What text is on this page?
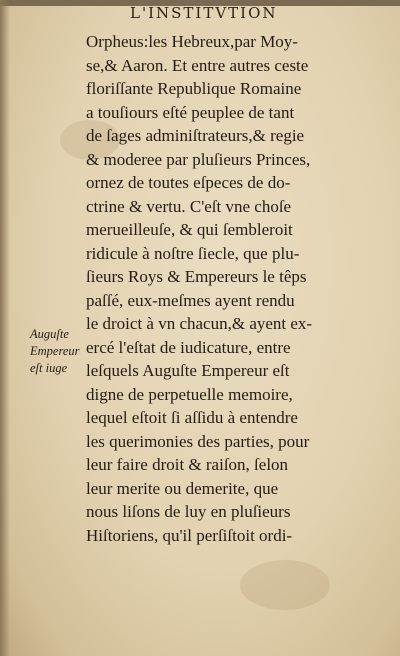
L'INSTITVTION
Orpheus:les Hebreux,par Moy-
se,& Aaron. Et entre autres ceste
floriſſante Republique Romaine
a touſiours eſté peuplee de tant
de ſages adminiſtrateurs,& regie
& moderee par pluſieurs Princes,
ornez de toutes eſpeces de do-
ctrine & vertu. C'eſt vne choſe
merueilleuſe, & qui ſembleroit
ridicule à noſtre ſiecle, que plu-
ſieurs Roys & Empereurs le têps
paſſé, eux-meſmes ayent rendu
le droict à vn chacun,& ayent ex-
ercé l'eſtat de iudicature, entre
leſquels Auguſte Empereur eſt
digne de perpetuelle memoire,
lequel eſtoit ſi aſſidu à entendre
les querimonies des parties, pour
leur faire droit & raiſon, ſelon
leur merite ou demerite, que
nous liſons de luy en pluſieurs
Hiſtoriens, qu'il perſiſtoit ordi-
Auguſte
Empereur
eſt iuge
